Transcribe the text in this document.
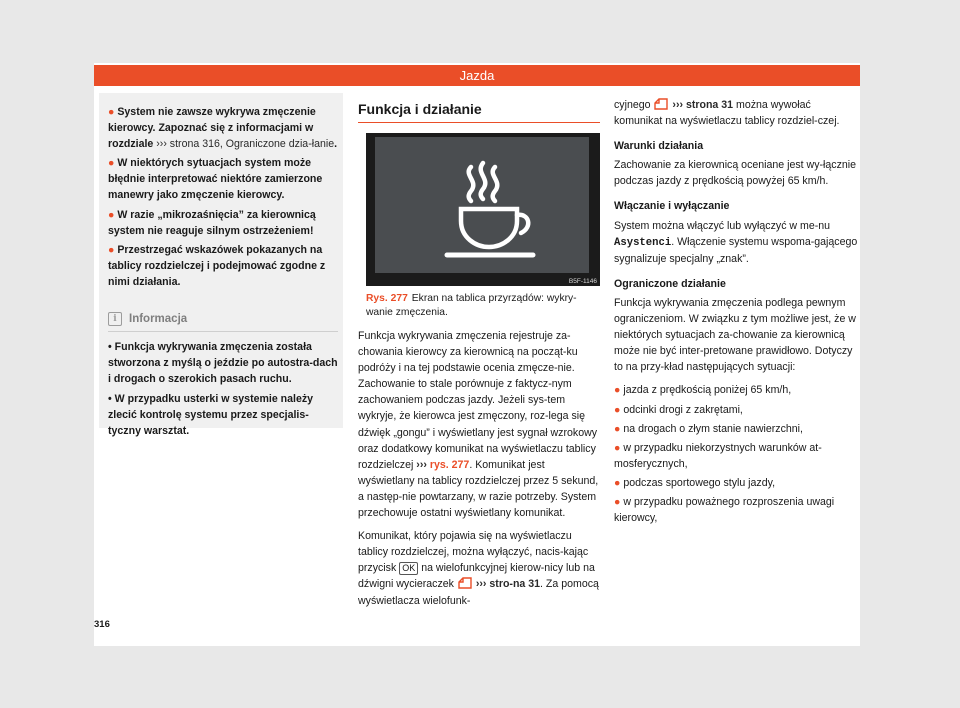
Jazda
● System nie zawsze wykrywa zmęczenie kierowcy. Zapoznać się z informacjami w rozdziale ››› strona 316, Ograniczone dzia-łanie.
● W niektórych sytuacjach system może błędnie interpretować niektóre zamierzone manewry jako zmęczenie kierowcy.
● W razie „mikrozaśnięcia” za kierownicą system nie reaguje silnym ostrzeżeniem!
● Przestrzegać wskazówek pokazanych na tablicy rozdzielczej i podejmować zgodne z nimi działania.
i	Informacja
• Funkcja wykrywania zmęczenia została stworzona z myślą o jeździe po autostra-dach i drogach o szerokich pasach ruchu.
• W przypadku usterki w systemie należy zlecić kontrolę systemu przez specjalis-tyczny warsztat.
Funkcja i działanie
B5F-1146
Rys. 277 Ekran na tablica przyrządów: wykry-wanie zmęczenia.

Funkcja wykrywania zmęczenia rejestruje za-chowania kierowcy za kierownicą na począt-ku podróży i na tej podstawie ocenia zmęcze-nie. Zachowanie to stale porównuje z faktycz-nym zachowaniem podczas jazdy. Jeżeli sys-tem wykryje, że kierowca jest zmęczony, roz-lega się dźwięk „gongu” i wyświetlany jest sygnał wzrokowy oraz dodatkowy komunikat na wyświetlaczu tablicy rozdzielczej ››› rys. 277. Komunikat jest wyświetlany na tablicy rozdzielczej przez 5 sekund, a następ-nie powtarzany, w razie potrzeby. System przechowuje ostatni wyświetlany komunikat.

Komunikat, który pojawia się na wyświetlaczu tablicy rozdzielczej, można wyłączyć, nacis-kając przycisk OK na wielofunkcyjnej kierow-nicy lub na dźwigni wycieraczek ››› stro-na 31. Za pomocą wyświetlacza wielofunk-

cyjnego ››› strona 31 można wywołać komunikat na wyświetlaczu tablicy rozdziel-czej.

Warunki działania

Zachowanie za kierownicą oceniane jest wy-łącznie podczas jazdy z prędkością powyżej 65 km/h.

Włączanie i wyłączanie

System można włączyć lub wyłączyć w me-nu Asystenci. Włączenie systemu wspoma-gającego sygnalizuje specjalny „znak”.

Ograniczone działanie

Funkcja wykrywania zmęczenia podlega pewnym ograniczeniom. W związku z tym możliwe jest, że w niektórych sytuacjach za-chowanie za kierownicą może nie być inter-pretowane prawidłowo. Dotyczy to na przy-kład następujących sytuacji:

● jazda z prędkością poniżej 65 km/h,
● odcinki drogi z zakrętami,
● na drogach o złym stanie nawierzchni,
● w przypadku niekorzystnych warunków at-mosferycznych,
● podczas sportowego stylu jazdy,
● w przypadku poważnego rozproszenia uwagi kierowcy,
316
